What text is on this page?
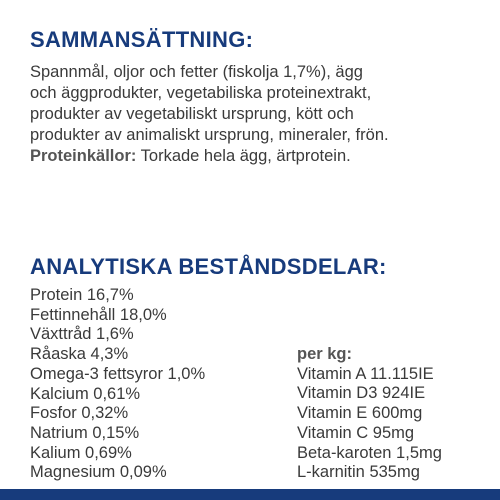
SAMMANSÄTTNING:

Spannmål, oljor och fetter (fiskolja 1,7%), ägg
och äggprodukter, vegetabiliska proteinextrakt,
produkter av vegetabiliskt ursprung, kött och
produkter av animaliskt ursprung, mineraler, frön.
Proteinkällor: Torkade hela ägg, ärtprotein.

ANALYTISKA BESTÅNDSDELAR:
Protein 16,7%
Fettinnehåll 18,0%
Växttråd 1,6%
Råaska 4,3%
Omega-3 fettsyror 1,0%
Kalcium 0,61%
Fosfor 0,32%
Natrium 0,15%
Kalium 0,69%
Magnesium 0,09%
per kg:
Vitamin A 11.115IE
Vitamin D3 924IE
Vitamin E 600mg
Vitamin C 95mg
Beta-karoten 1,5mg
L-karnitin 535mg
